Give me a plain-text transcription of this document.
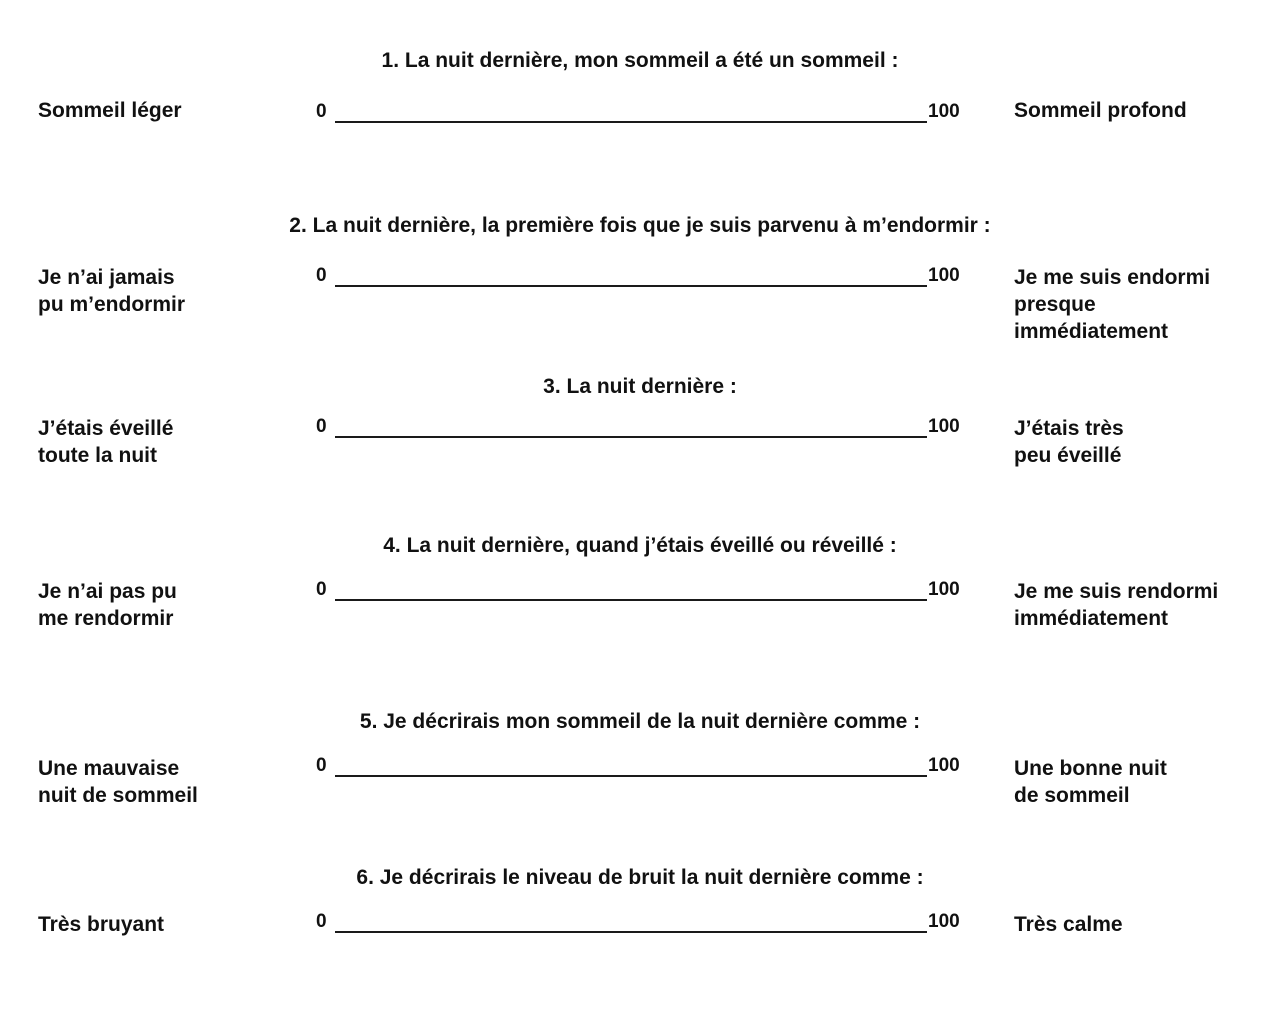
1. La nuit dernière, mon sommeil a été un sommeil :
Sommeil léger	0	100	Sommeil profond
2. La nuit dernière, la première fois que je suis parvenu à m’endormir :
Je n’ai jamais
pu m’endormir
0	100	Je me suis endormi
presque
immédiatement
3. La nuit dernière :
J’étais éveillé
toute la nuit
0	100	J’étais très
peu éveillé
4. La nuit dernière, quand j’étais éveillé ou réveillé :
Je n’ai pas pu
me rendormir
0	100	Je me suis rendormi
immédiatement
5. Je décrirais mon sommeil de la nuit dernière comme :
Une mauvaise
nuit de sommeil
0	100	Une bonne nuit
de sommeil
6. Je décrirais le niveau de bruit la nuit dernière comme :
Très bruyant	0	100	Très calme
